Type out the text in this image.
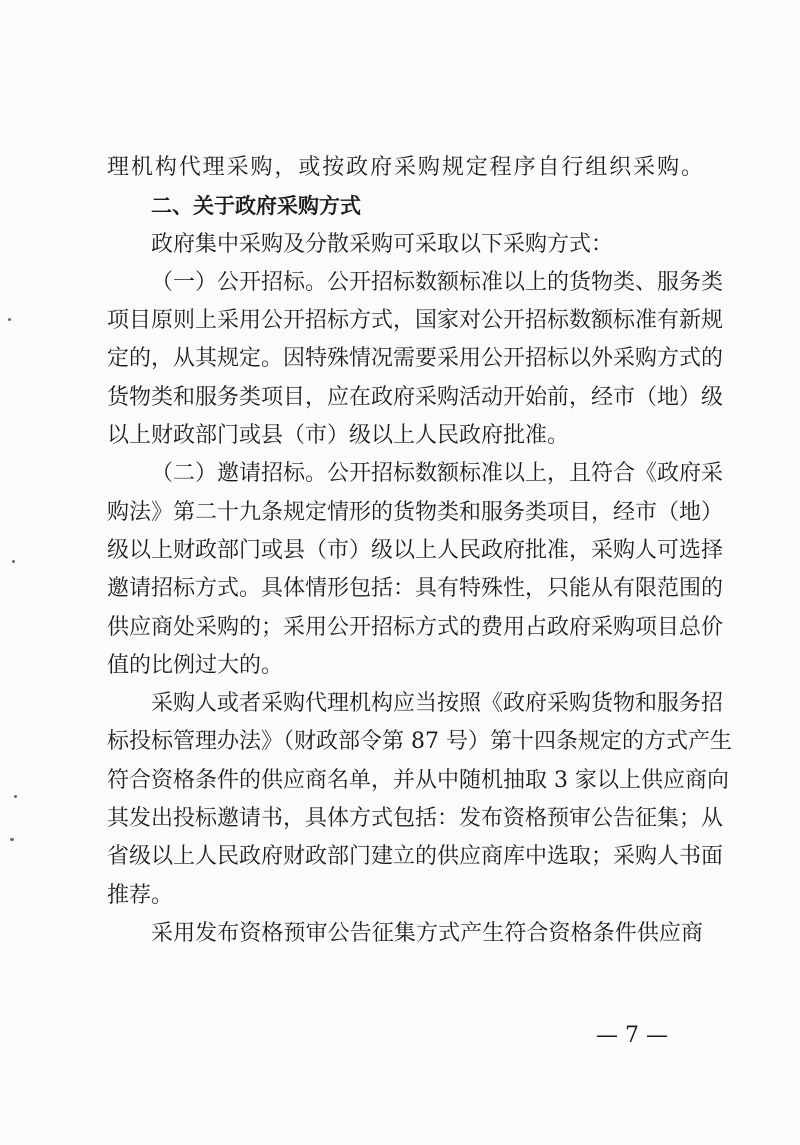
理机构代理采购，或按政府采购规定程序自行组织采购。
二、关于政府采购方式
政府集中采购及分散采购可采取以下采购方式：
（一）公开招标。公开招标数额标准以上的货物类、服务类
项目原则上采用公开招标方式，国家对公开招标数额标准有新规
定的，从其规定。因特殊情况需要采用公开招标以外采购方式的
货物类和服务类项目，应在政府采购活动开始前，经市（地）级
以上财政部门或县（市）级以上人民政府批准。
（二）邀请招标。公开招标数额标准以上，且符合《政府采
购法》第二十九条规定情形的货物类和服务类项目，经市（地）
级以上财政部门或县（市）级以上人民政府批准，采购人可选择
邀请招标方式。具体情形包括：具有特殊性，只能从有限范围的
供应商处采购的；采用公开招标方式的费用占政府采购项目总价
值的比例过大的。
采购人或者采购代理机构应当按照《政府采购货物和服务招
标投标管理办法》（财政部令第 87 号）第十四条规定的方式产生
符合资格条件的供应商名单，并从中随机抽取 3 家以上供应商向
其发出投标邀请书，具体方式包括：发布资格预审公告征集；从
省级以上人民政府财政部门建立的供应商库中选取；采购人书面
推荐。
采用发布资格预审公告征集方式产生符合资格条件供应商
— 7 —
